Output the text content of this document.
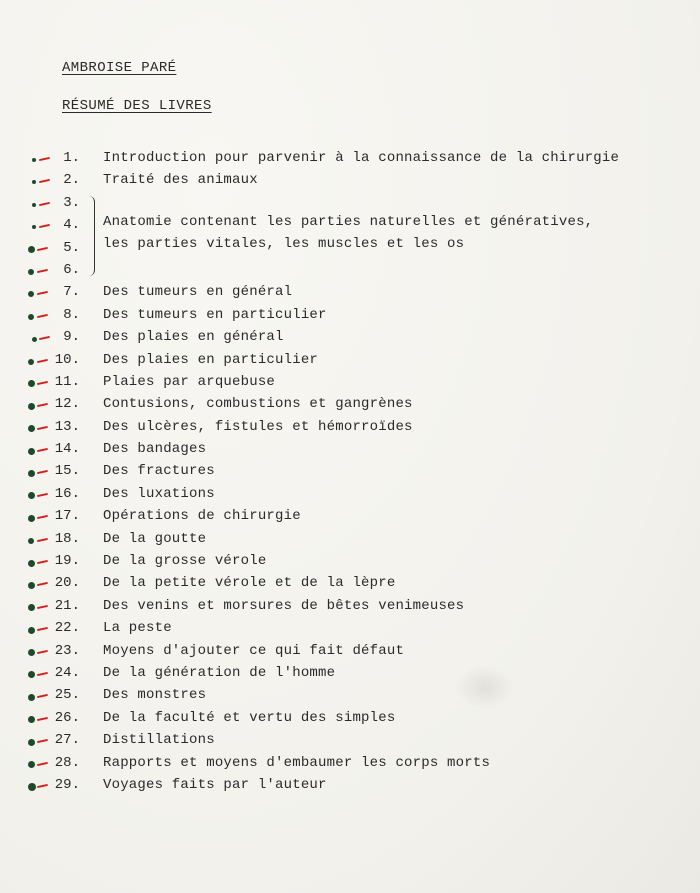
AMBROISE PARÉ
RÉSUMÉ DES LIVRES
1. Introduction pour parvenir à la connaissance de la chirurgie
2. Traité des animaux
3.
4. Anatomie contenant les parties naturelles et génératives,
5. les parties vitales, les muscles et les os
6.
7. Des tumeurs en général
8. Des tumeurs en particulier
9. Des plaies en général
10. Des plaies en particulier
11. Plaies par arquebuse
12. Contusions, combustions et gangrènes
13. Des ulcères, fistules et hémorroïdes
14. Des bandages
15. Des fractures
16. Des luxations
17. Opérations de chirurgie
18. De la goutte
19. De la grosse vérole
20. De la petite vérole et de la lèpre
21. Des venins et morsures de bêtes venimeuses
22. La peste
23. Moyens d'ajouter ce qui fait défaut
24. De la génération de l'homme
25. Des monstres
26. De la faculté et vertu des simples
27. Distillations
28. Rapports et moyens d'embaumer les corps morts
29. Voyages faits par l'auteur
